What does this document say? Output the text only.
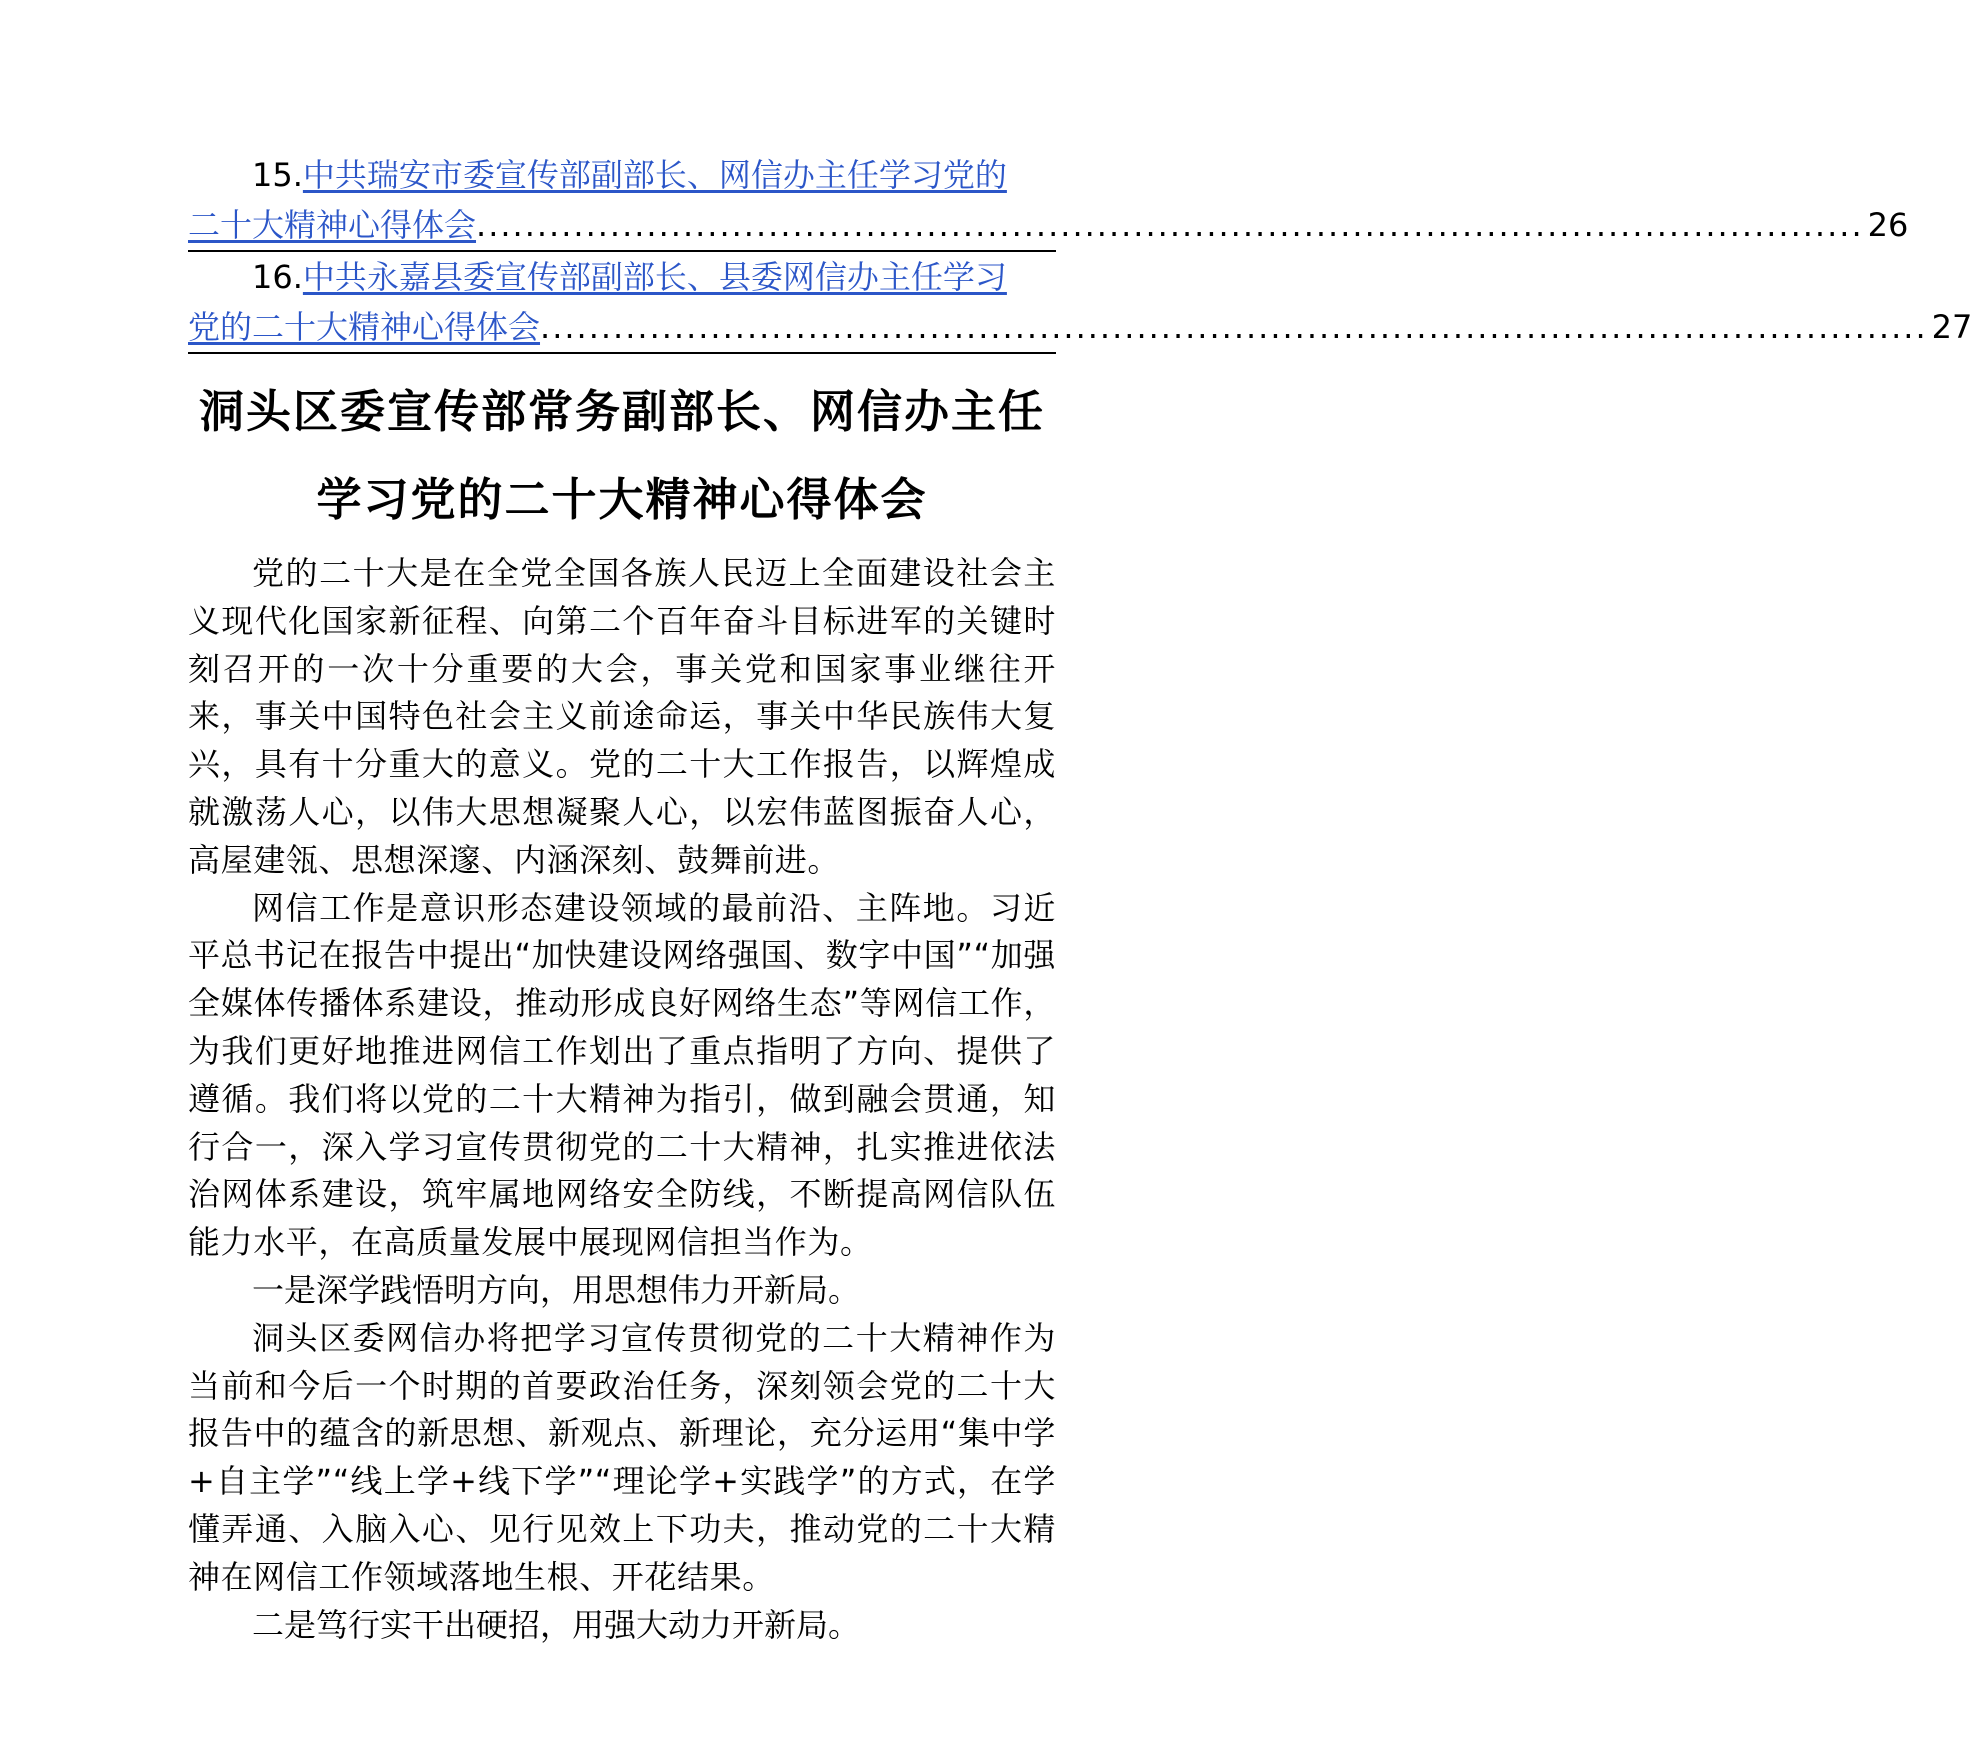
15. 中共瑞安市委宣传部副部长、网信办主任学习党的
二十大精神心得体会 .................................................................................................................. 26
16. 中共永嘉县委宣传部副部长、县委网信办主任学习
党的二十大精神心得体会 .................................................................................................................. 27
洞头区委宣传部常务副部长、网信办主任
学习党的二十大精神心得体会

党的二十大是在全党全国各族人民迈上全面建设社会主义现代化国家新征程、向第二个百年奋斗目标进军的关键时刻召开的一次十分重要的大会，事关党和国家事业继往开来，事关中国特色社会主义前途命运，事关中华民族伟大复兴，具有十分重大的意义。党的二十大工作报告，以辉煌成就激荡人心，以伟大思想凝聚人心，以宏伟蓝图振奋人心，高屋建瓴、思想深邃、内涵深刻、鼓舞前进。

网信工作是意识形态建设领域的最前沿、主阵地。习近平总书记在报告中提出“加快建设网络强国、数字中国”“加强全媒体传播体系建设，推动形成良好网络生态”等网信工作，为我们更好地推进网信工作划出了重点指明了方向、提供了遵循。我们将以党的二十大精神为指引，做到融会贯通，知行合一，深入学习宣传贯彻党的二十大精神，扎实推进依法治网体系建设，筑牢属地网络安全防线，不断提高网信队伍能力水平，在高质量发展中展现网信担当作为。

一是深学践悟明方向，用思想伟力开新局。

洞头区委网信办将把学习宣传贯彻党的二十大精神作为当前和今后一个时期的首要政治任务，深刻领会党的二十大报告中的蕴含的新思想、新观点、新理论，充分运用“集中学+自主学”“线上学+线下学”“理论学+实践学”的方式，在学懂弄通、入脑入心、见行见效上下功夫，推动党的二十大精神在网信工作领域落地生根、开花结果。

二是笃行实干出硬招，用强大动力开新局。
